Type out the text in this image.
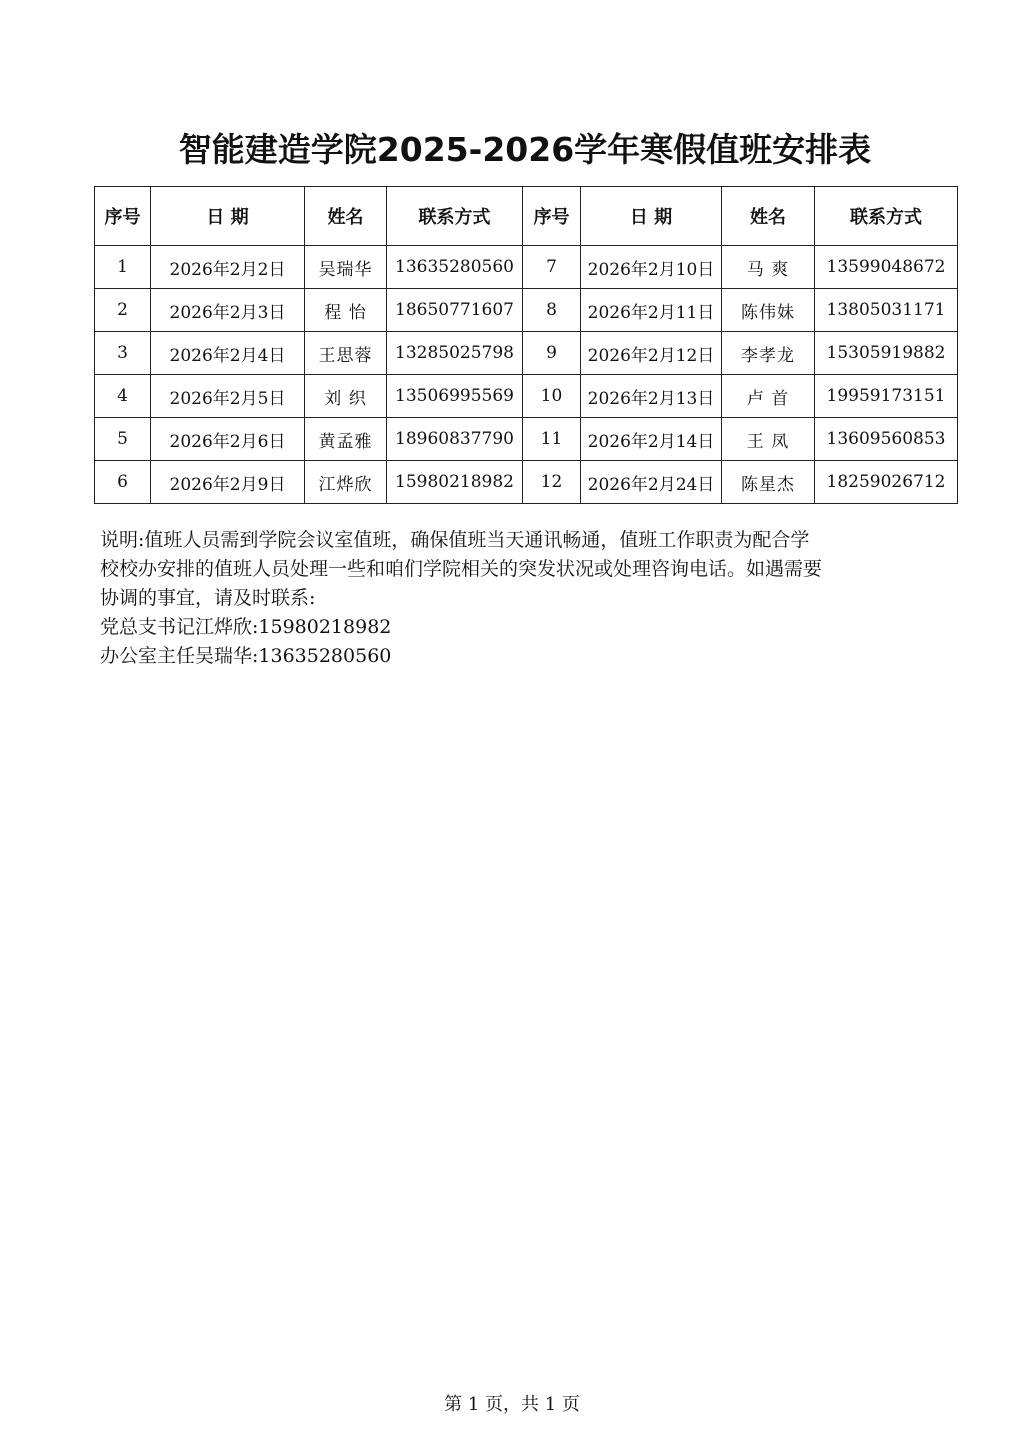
智能建造学院2025-2026学年寒假值班安排表
序号	日 期	姓名	联系方式	序号	日 期	姓名	联系方式
1	2026年2月2日	吴瑞华	13635280560	7	2026年2月10日	马 爽	13599048672
2	2026年2月3日	程 怡	18650771607	8	2026年2月11日	陈伟妹	13805031171
3	2026年2月4日	王思蓉	13285025798	9	2026年2月12日	李孝龙	15305919882
4	2026年2月5日	刘 织	13506995569	10	2026年2月13日	卢 首	19959173151
5	2026年2月6日	黄孟雅	18960837790	11	2026年2月14日	王 凤	13609560853
6	2026年2月9日	江烨欣	15980218982	12	2026年2月24日	陈星杰	18259026712

说明:值班人员需到学院会议室值班，确保值班当天通讯畅通，值班工作职责为配合学

校校办安排的值班人员处理一些和咱们学院相关的突发状况或处理咨询电话。如遇需要

协调的事宜，请及时联系:

党总支书记江烨欣:15980218982

办公室主任吴瑞华:13635280560

第 1 页，共 1 页
